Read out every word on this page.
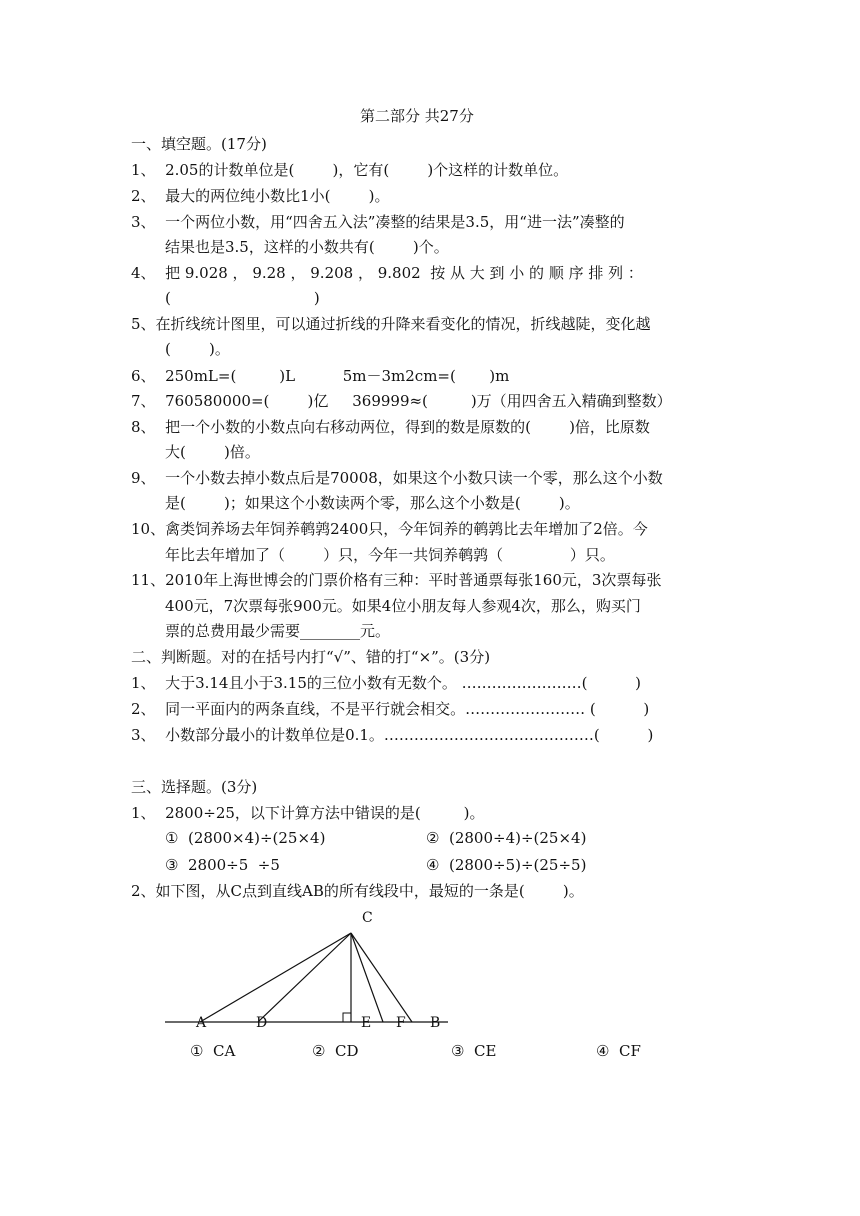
第二部分 共27分
一、填空题。(17分)
1、  2.05的计数单位是(        )，它有(        )个这样的计数单位。
2、  最大的两位纯小数比1小(        )。
3、  一个两位小数，用“四舍五入法”凑整的结果是3.5，用“进一法”凑整的
结果也是3.5，这样的小数共有(        )个。
4、  把 9.028 ， 9.28 ， 9.208 ， 9.802  按 从 大 到 小 的 顺 序 排 列 ：
(                              )
5、在折线统计图里，可以通过折线的升降来看变化的情况，折线越陡，变化越
(        )。
6、  250mL=(         )L          5m－3m2cm=(       )m
7、  760580000=(        )亿     369999≈(         )万（用四舍五入精确到整数）
8、  把一个小数的小数点向右移动两位，得到的数是原数的(        )倍，比原数
大(        )倍。
9、  一个小数去掉小数点后是70008，如果这个小数只读一个零，那么这个小数
是(        )；如果这个小数读两个零，那么这个小数是(        )。
10、禽类饲养场去年饲养鹌鹑2400只，今年饲养的鹌鹑比去年增加了2倍。今
年比去年增加了（        ）只，今年一共饲养鹌鹑（              ）只。
11、2010年上海世博会的门票价格有三种：平时普通票每张160元，3次票每张
400元，7次票每张900元。如果4位小朋友每人参观4次，那么，购买门
票的总费用最少需要________元。
二、判断题。对的在括号内打“√”、错的打“×”。(3分)
1、  大于3.14且小于3.15的三位小数有无数个。 ……………………(          )
2、  同一平面内的两条直线，不是平行就会相交。…………………… (          )
3、  小数部分最小的计数单位是0.1。……………………………………(          )
三、选择题。(3分)
1、  2800÷25，以下计算方法中错误的是(         )。
①  (2800×4)÷(25×4)	②  (2800÷4)÷(25×4)
③  2800÷5  ÷5	④  (2800÷5)÷(25÷5)
2、如下图，从C点到直线AB的所有线段中，最短的一条是(        )。
C
A	D	E F B
①  CA	②  CD	③  CE	④  CF
